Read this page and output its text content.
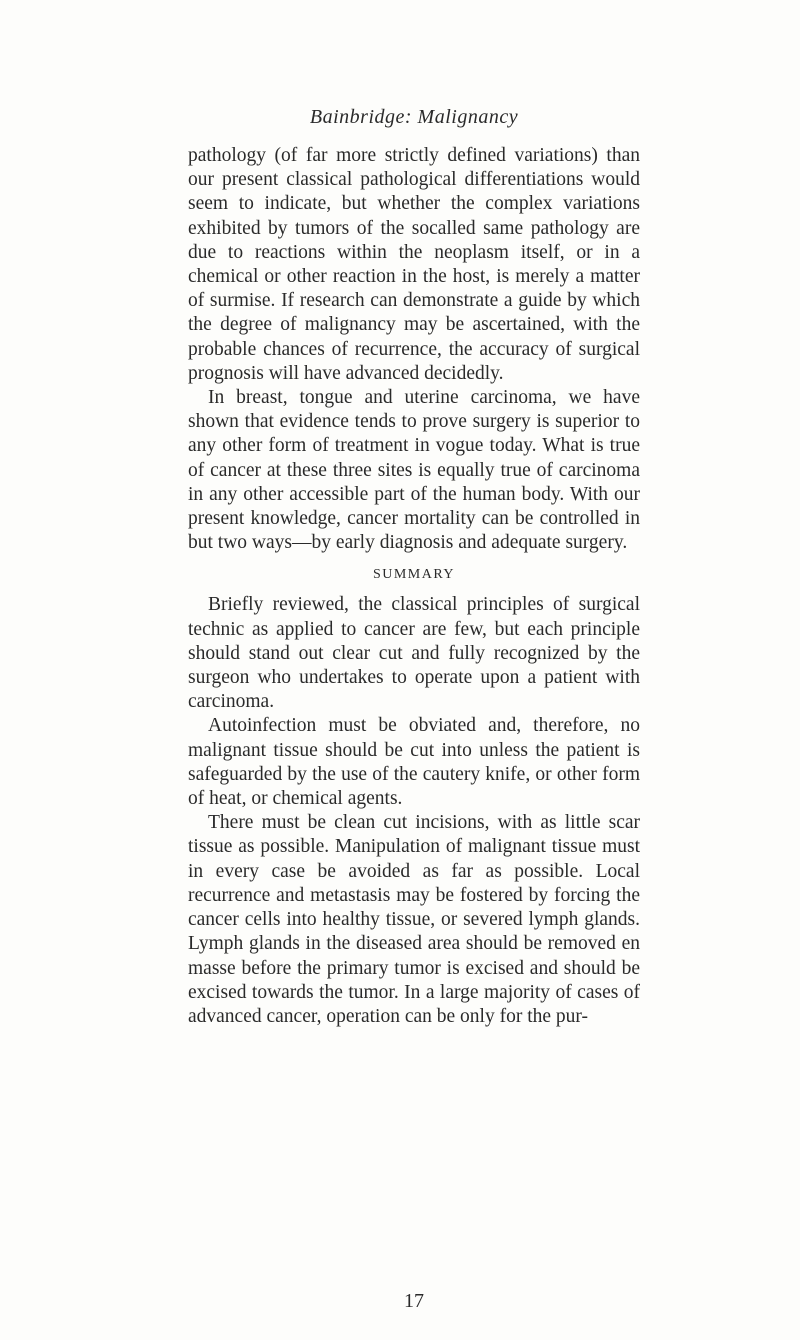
Bainbridge: Malignancy

pathology (of far more strictly defined variations) than our present classical pathological differentiations would seem to indicate, but whether the complex variations exhibited by tumors of the socalled same pathology are due to reactions within the neoplasm itself, or in a chemical or other reaction in the host, is merely a matter of surmise. If research can demonstrate a guide by which the degree of malignancy may be ascertained, with the probable chances of recurrence, the accuracy of surgical prognosis will have advanced decidedly.

In breast, tongue and uterine carcinoma, we have shown that evidence tends to prove surgery is superior to any other form of treatment in vogue today. What is true of cancer at these three sites is equally true of carcinoma in any other accessible part of the human body. With our present knowledge, cancer mortality can be controlled in but two ways—by early diagnosis and adequate surgery.

SUMMARY

Briefly reviewed, the classical principles of surgical technic as applied to cancer are few, but each principle should stand out clear cut and fully recognized by the surgeon who undertakes to operate upon a patient with carcinoma.

Autoinfection must be obviated and, therefore, no malignant tissue should be cut into unless the patient is safeguarded by the use of the cautery knife, or other form of heat, or chemical agents.

There must be clean cut incisions, with as little scar tissue as possible. Manipulation of malignant tissue must in every case be avoided as far as possible. Local recurrence and metastasis may be fostered by forcing the cancer cells into healthy tissue, or severed lymph glands. Lymph glands in the diseased area should be removed en masse before the primary tumor is excised and should be excised towards the tumor. In a large majority of cases of advanced cancer, operation can be only for the pur-

17
